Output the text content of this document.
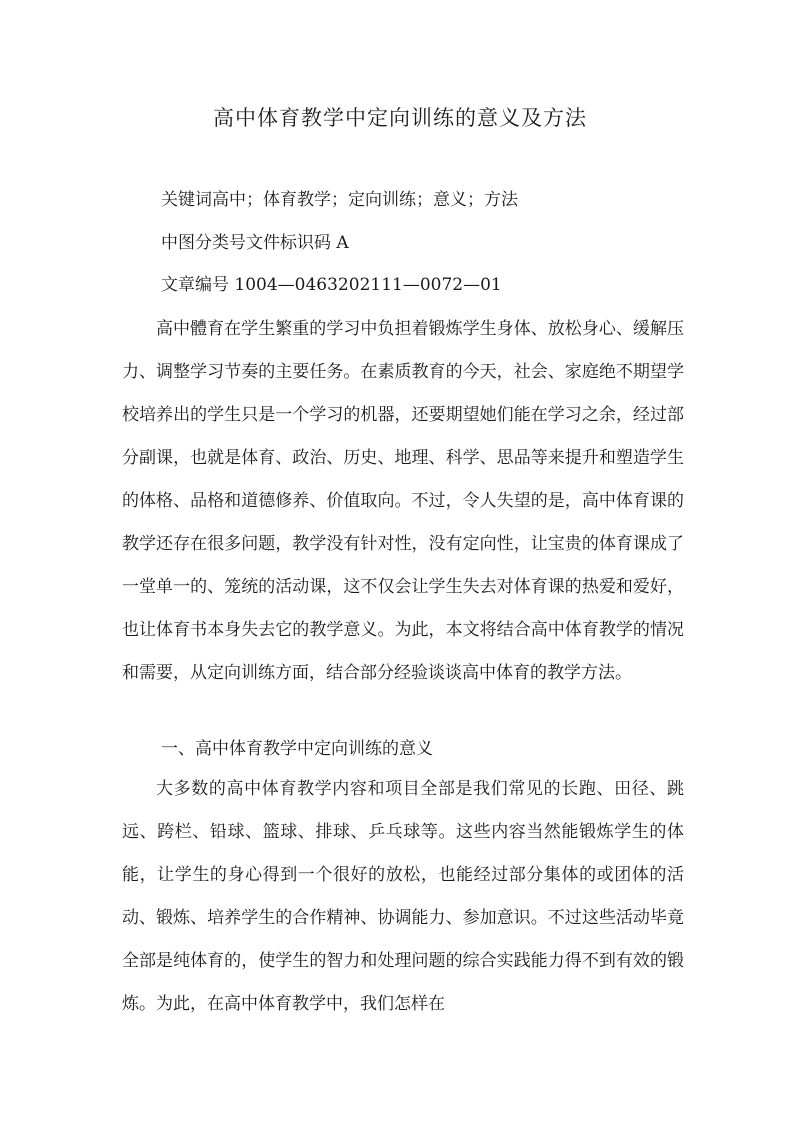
高中体育教学中定向训练的意义及方法
关键词高中；体育教学；定向训练；意义；方法
中图分类号文件标识码 A
文章编号 1004—0463202111—0072—01

高中體育在学生繁重的学习中负担着锻炼学生身体、放松身心、缓解压力、调整学习节奏的主要任务。在素质教育的今天，社会、家庭绝不期望学校培养出的学生只是一个学习的机器，还要期望她们能在学习之余，经过部分副课，也就是体育、政治、历史、地理、科学、思品等来提升和塑造学生的体格、品格和道德修养、价值取向。不过，令人失望的是，高中体育课的教学还存在很多问题，教学没有针对性，没有定向性，让宝贵的体育课成了一堂单一的、笼统的活动课，这不仅会让学生失去对体育课的热爱和爱好，也让体育书本身失去它的教学意义。为此，本文将结合高中体育教学的情况和需要，从定向训练方面，结合部分经验谈谈高中体育的教学方法。

一、高中体育教学中定向训练的意义

大多数的高中体育教学内容和项目全部是我们常见的长跑、田径、跳远、跨栏、铅球、篮球、排球、乒乓球等。这些内容当然能锻炼学生的体能，让学生的身心得到一个很好的放松，也能经过部分集体的或团体的活动、锻炼、培养学生的合作精神、协调能力、参加意识。不过这些活动毕竟全部是纯体育的，使学生的智力和处理问题的综合实践能力得不到有效的锻炼。为此，在高中体育教学中，我们怎样在
